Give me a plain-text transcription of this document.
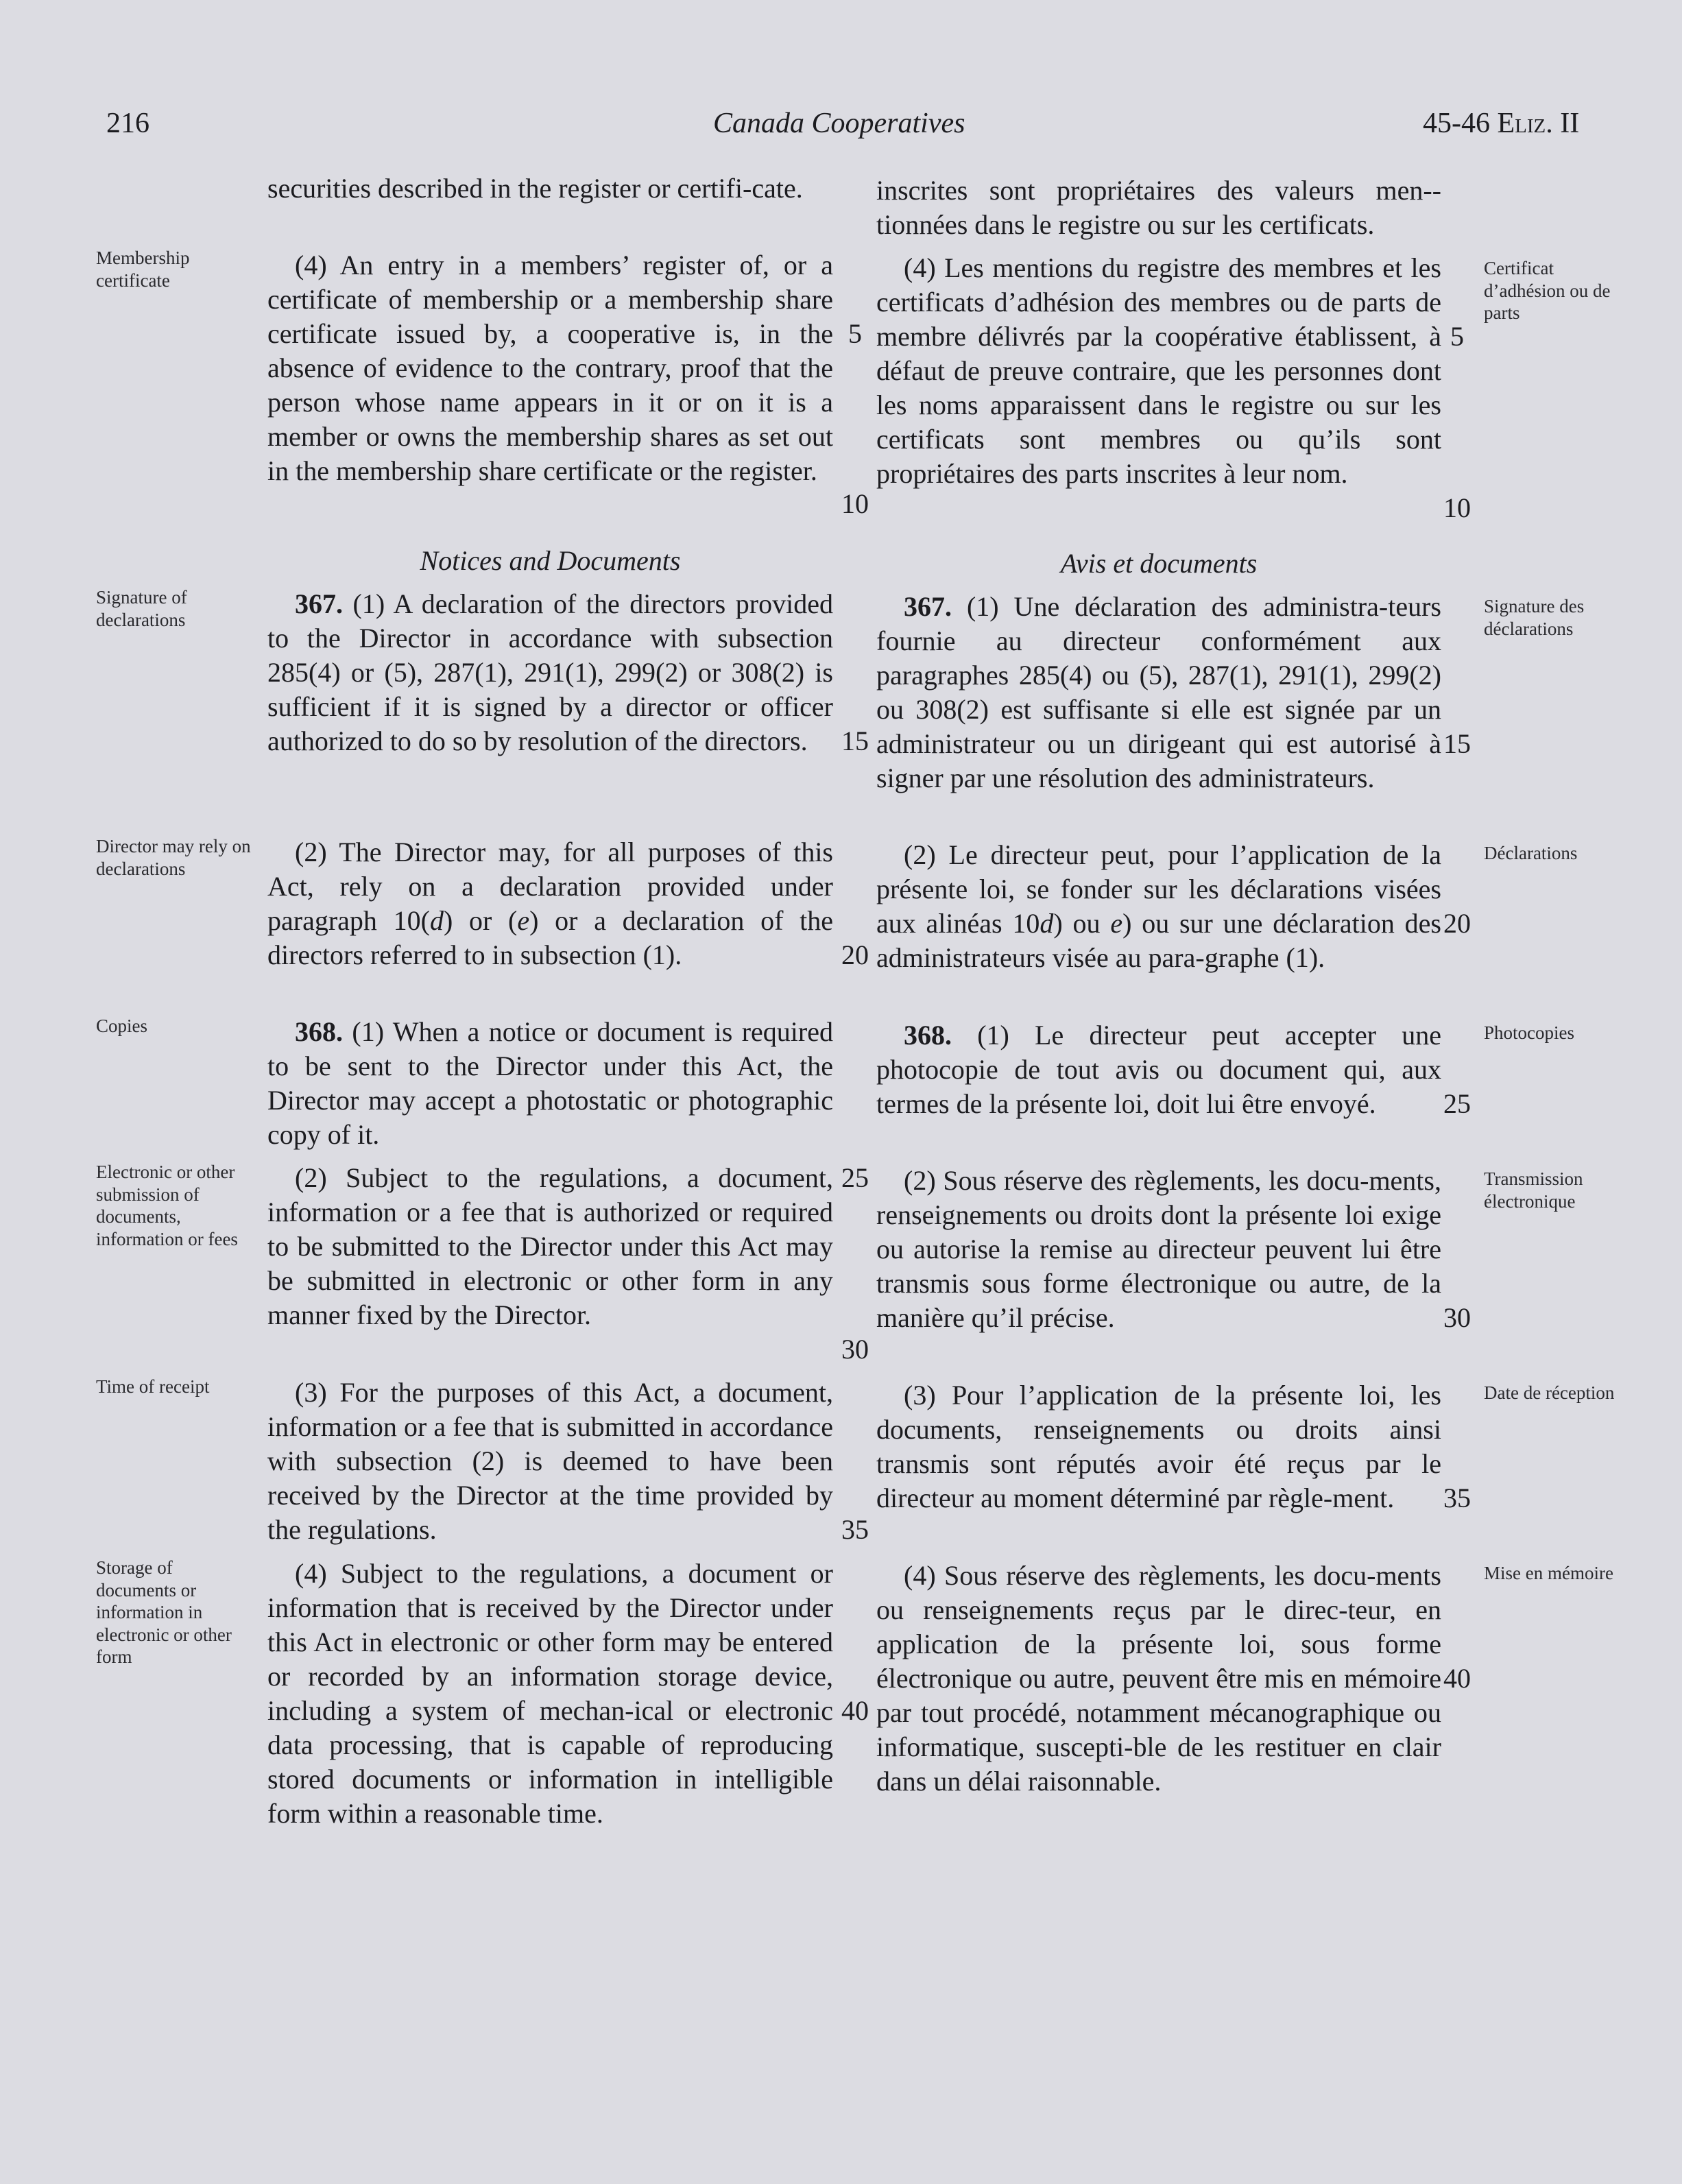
216	Canada Cooperatives	45-46 Eliz. II
Membership certificate
Signature of declarations
Director may rely on declarations
Copies
Electronic or other submission of documents, information or fees
Time of receipt
Storage of documents or information in electronic or other form
Certificat d’adhésion ou de parts
Signature des déclarations
Déclarations
Photocopies
Transmission électronique
Date de réception
Mise en mémoire
securities described in the register or certifi-cate.
(4) An entry in a members’ register of, or a certificate of membership or a membership share certificate issued by, a cooperative is, in the absence of evidence to the contrary, proof that the person whose name appears in it or on it is a member or owns the membership shares as set out in the membership share certificate or the register.
Notices and Documents
367. (1) A declaration of the directors provided to the Director in accordance with subsection 285(4) or (5), 287(1), 291(1), 299(2) or 308(2) is sufficient if it is signed by a director or officer authorized to do so by resolution of the directors.
(2) The Director may, for all purposes of this Act, rely on a declaration provided under paragraph 10(d) or (e) or a declaration of the directors referred to in subsection (1).
368. (1) When a notice or document is required to be sent to the Director under this Act, the Director may accept a photostatic or photographic copy of it.
(2) Subject to the regulations, a document, information or a fee that is authorized or required to be submitted to the Director under this Act may be submitted in electronic or other form in any manner fixed by the Director.
(3) For the purposes of this Act, a document, information or a fee that is submitted in accordance with subsection (2) is deemed to have been received by the Director at the time provided by the regulations.
(4) Subject to the regulations, a document or information that is received by the Director under this Act in electronic or other form may be entered or recorded by an information storage device, including a system of mechan-ical or electronic data processing, that is capable of reproducing stored documents or information in intelligible form within a reasonable time.
inscrites sont propriétaires des valeurs men-tionnées dans le registre ou sur les certificats.
(4) Les mentions du registre des membres et les certificats d’adhésion des membres ou de parts de membre délivrés par la coopérative établissent, à défaut de preuve contraire, que les personnes dont les noms apparaissent dans le registre ou sur les certificats sont membres ou qu’ils sont propriétaires des parts inscrites à leur nom.
Avis et documents
367. (1) Une déclaration des administra-teurs fournie au directeur conformément aux paragraphes 285(4) ou (5), 287(1), 291(1), 299(2) ou 308(2) est suffisante si elle est signée par un administrateur ou un dirigeant qui est autorisé à signer par une résolution des administrateurs.
(2) Le directeur peut, pour l’application de la présente loi, se fonder sur les déclarations visées aux alinéas 10d) ou e) ou sur une déclaration des administrateurs visée au para-graphe (1).
368. (1) Le directeur peut accepter une photocopie de tout avis ou document qui, aux termes de la présente loi, doit lui être envoyé.
(2) Sous réserve des règlements, les docu-ments, renseignements ou droits dont la présente loi exige ou autorise la remise au directeur peuvent lui être transmis sous forme électronique ou autre, de la manière qu’il précise.
(3) Pour l’application de la présente loi, les documents, renseignements ou droits ainsi transmis sont réputés avoir été reçus par le directeur au moment déterminé par règle-ment.
(4) Sous réserve des règlements, les docu-ments ou renseignements reçus par le direc-teur, en application de la présente loi, sous forme électronique ou autre, peuvent être mis en mémoire par tout procédé, notamment mécanographique ou informatique, suscepti-ble de les restituer en clair dans un délai raisonnable.
5
10
15
20
25
30
35
40
5
10
15
20
25
30
35
40
